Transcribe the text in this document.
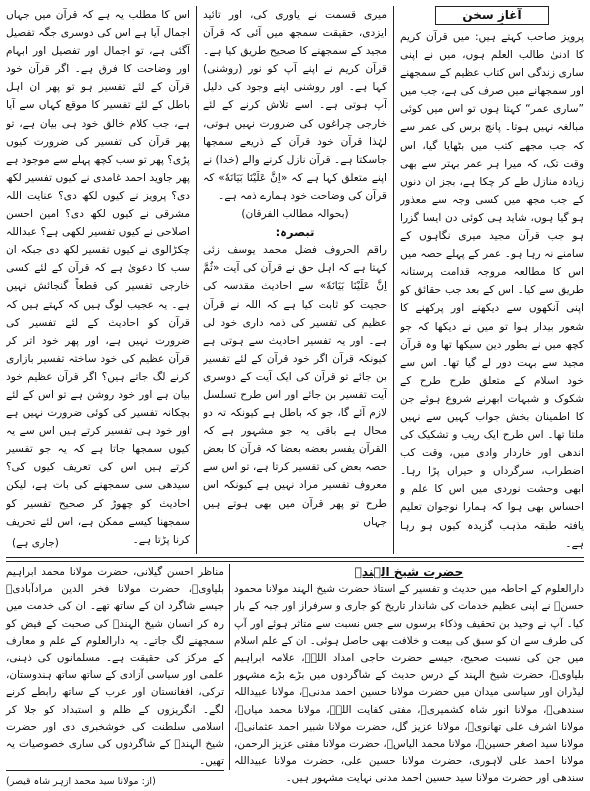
آغازِ سخن

پرویز صاحب کہتے ہیں: میں قرآن کریم کا ادنیٰ طالب العلم ہوں، میں نے اپنی ساری زندگی اس کتاب عظیم کے سمجھنے اور سمجھانے میں صرف کی ہے، جب میں ”ساری عمر“ کہتا ہوں تو اس میں کوئی مبالغہ نہیں ہوتا۔ پانچ برس کی عمر سے کہ جب مجھے کتب میں بٹھایا گیا، اس وقت تک، کہ میرا ہر عمر بہتر سے بھی زیادہ منازل طے کر چکا ہے، بجز ان دنوں کے جب مجھ میں کسی وجہ سے معذور ہو گیا ہوں، شاید ہی کوئی دن ایسا گزرا ہو جب قرآن مجید میری نگاہوں کے سامنے نہ رہا ہو۔ عمر کے پہلے حصہ میں اس کا مطالعہ مروجہ قدامت پرستانہ طریق سے کیا۔ اس کے بعد جب حقائق کو اپنی آنکھوں سے دیکھنے اور پرکھنے کا شعور بیدار ہوا تو میں نے دیکھا کہ جو کچھ میں نے بطور دین سیکھا تھا وہ قرآن مجید سے بہت دور لے گیا تھا۔ اس سے خود اسلام کے متعلق طرح طرح کے شکوک و شبہات ابھرنے شروع ہوئے جن کا اطمینان بخش جواب کہیں سے نہیں ملتا تھا۔ اس طرح ایک ریب و تشکیک کی اندھی اور خاردار وادی میں، وقت کب اضطراب، سرگرداں و حیراں پڑا رہا۔ ابھی وحشت نوردی میں اس کا علم و احساس بھی ہوا کہ ہمارا نوجوان تعلیم یافتہ طبقہ مذہب گزیدہ کیوں ہو رہا ہے۔

میری قسمت نے یاوری کی، اور تائید ایزدی، حقیقت سمجھ میں آئی کہ قرآن مجید کے سمجھنے کا صحیح طریق کیا ہے۔ قرآن کریم نے اپنے آپ کو نور (روشنی) کہا ہے۔ اور روشنی اپنے وجود کی دلیل آپ ہوتی ہے۔ اسے تلاش کرنے کے لئے خارجی چراغوں کی ضرورت نہیں ہوتی، لہٰذا قرآن خود قرآن کے ذریعے سمجھا جاسکتا ہے۔ قرآن نازل کرنے والے (خدا) نے اپنے متعلق کہا ہے کہ «اِنَّ عَلَیْنَا بَیَانَهٗ» کہ قرآن کی وضاحت خود ہمارے ذمہ ہے۔

(بحوالہ مطالب الفرقان)
تبصرہ:

راقم الحروف فضل محمد یوسف زئی کہتا ہے کہ اہل حق نے قرآن کی آیت «ثُمَّ اِنَّ عَلَیْنَا بَیَانَهٗ» سے احادیث مقدسہ کی حجیت کو ثابت کیا ہے کہ اللہ نے قرآن عظیم کی تفسیر کی ذمہ داری خود لی ہے۔ اور یہ تفسیر احادیث سے ہوتی ہے کیونکہ قرآن اگر خود قرآن کے لئے تفسیر بن جائے تو قرآن کی ایک آیت کے دوسری آیت تفسیر بن جائے اور اس طرح تسلسل لازم آئے گا، جو کہ باطل ہے کیونکہ تہ دو محال ہے باقی یہ جو مشہور ہے کہ القرآن یفسر بعضه بعضا کہ قرآن کا بعض حصہ بعض کی تفسیر کرتا ہے، تو اس سے معروف تفسیر مراد نہیں ہے کیونکہ اس طرح تو پھر قرآن میں بھی ہوتے ہیں جہاں

اس کا مطلب یہ ہے کہ قرآن میں جہاں اجمال آیا ہے اس کی دوسری جگہ تفصیل آگئی ہے، تو اجمال اور تفصیل اور ابہام اور وضاحت کا فرق ہے۔ اگر قرآن خود قرآن کے لئے تفسیر ہو تو پھر ان اہل باطل کے لئے تفسیر کا موقع کہاں سے آیا ہے، جب کلام خالق خود ہی بیان ہے، تو پھر قرآن کی تفسیر کی ضرورت کیوں پڑی؟ پھر تو سب کچھ پہلے سے موجود ہے پھر جاوید احمد غامدی نے کیوں تفسیر لکھ دی؟ پرویز نے کیوں لکھ دی؟ عنایت اللہ مشرقی نے کیوں لکھ دی؟ امین احسن اصلاحی نے کیوں تفسیر لکھی ہے؟ عبداللہ چکڑالوی نے کیوں تفسیر لکھ دی جبکہ ان سب کا دعویٰ ہے کہ قرآن کے لئے کسی خارجی تفسیر کی قطعاً گنجائش نہیں ہے۔ یہ عجیب لوگ ہیں کہ کہتے ہیں کہ قرآن کو احادیث کے لئے تفسیر کی ضرورت نہیں ہے، اور پھر خود اتر کر قرآن عظیم کی خود ساختہ تفسیر بازاری کرنے لگ جاتے ہیں؟ اگر قرآن عظیم خود بیان ہے اور خود روشن ہے تو اس کے لئے بچکانہ تفسیر کی کوئی ضرورت نہیں ہے اور خود ہی تفسیر کرتے ہیں اس سے یہ کیوں سمجھا جاتا ہے کہ یہ جو تفسیر کرتے ہیں اس کی تعریف کیوں کی؟ سیدھی سی سمجھنے کی بات ہے، لیکن احادیث کو چھوڑ کر صحیح تفسیر کو سمجھنا کیسے ممکن ہے، اس لئے تحریف کرنا پڑتا ہے۔

(جاری ہے)
حضرت شیخ الہندؒ
دارالعلوم کے احاطہ میں حدیث و تفسیر کے استاذ حضرت شیخ الہند مولانا محمود حسنؒ نے اپنی عظیم خدمات کی شاندار تاریخ کو جاری و سرفراز اور جبہ کے بار کیا۔ آپ نے وحید بن تحقیف وذکاء برسوں سے جس نسبت سے متاثر ہوئے اور آپ کی طرف سے ان کو سبق کی بیعت و خلافت بھی حاصل ہوئی۔ ان کے علم اسلام میں جن کی نسبت صحیح، جیسے حضرت حاجی امداد اللہؒ، علامہ ابراہیم بلیاویؒ، حضرت شیخ الہند کے درس حدیث کے شاگردوں میں بڑے بڑے مشہور لیڈران اور سیاسی میدان میں حضرت مولانا حسین احمد مدنیؒ، مولانا عبیداللہ سندھیؒ، مولانا انور شاہ کشمیریؒ، مفتی کفایت اللہؒ، مولانا محمد میاںؒ، مولانا اشرف علی تھانویؒ، مولانا عزیز گل، حضرت مولانا شبیر احمد عثمانیؒ، مولانا سید اصغر حسینؒ، مولانا محمد الیاسؒ، حضرت مولانا مفتی عزیز الرحمن، مولانا احمد علی لاہوری، حضرت مولانا حسین علی، حضرت مولانا عبیداللہ سندھی اور حضرت مولانا سید حسین احمد مدنی نہایت مشہور ہیں۔
مناظر احسن گیلانی، حضرت مولانا محمد ابراہیم بلیاویؒ، حضرت مولانا فخر الدین مرادآبادیؒ جیسے شاگرد ان کے ساتھ تھے۔ ان کی خدمت میں رہ کر انسان شیخ الہندؒ کی صحبت کے فیض کو سمجھنے لگ جاتے۔ یہ دارالعلوم کے علم و معارف کے مرکز کی حقیقت ہے۔ مسلمانوں کی ذہنی، علمی اور سیاسی آزادی کے ساتھ ساتھ ہندوستان، ترکی، افغانستان اور عرب کے ساتھ رابطے کرنے لگے۔ انگریزوں کے ظلم و استبداد کو جلا کر اسلامی سلطنت کی خوشخبری دی اور حضرت شیخ الہندؒ کے شاگردوں کی ساری خصوصیات یہ تھیں۔
(از: مولانا سید محمد ازہر شاہ قیصر)
